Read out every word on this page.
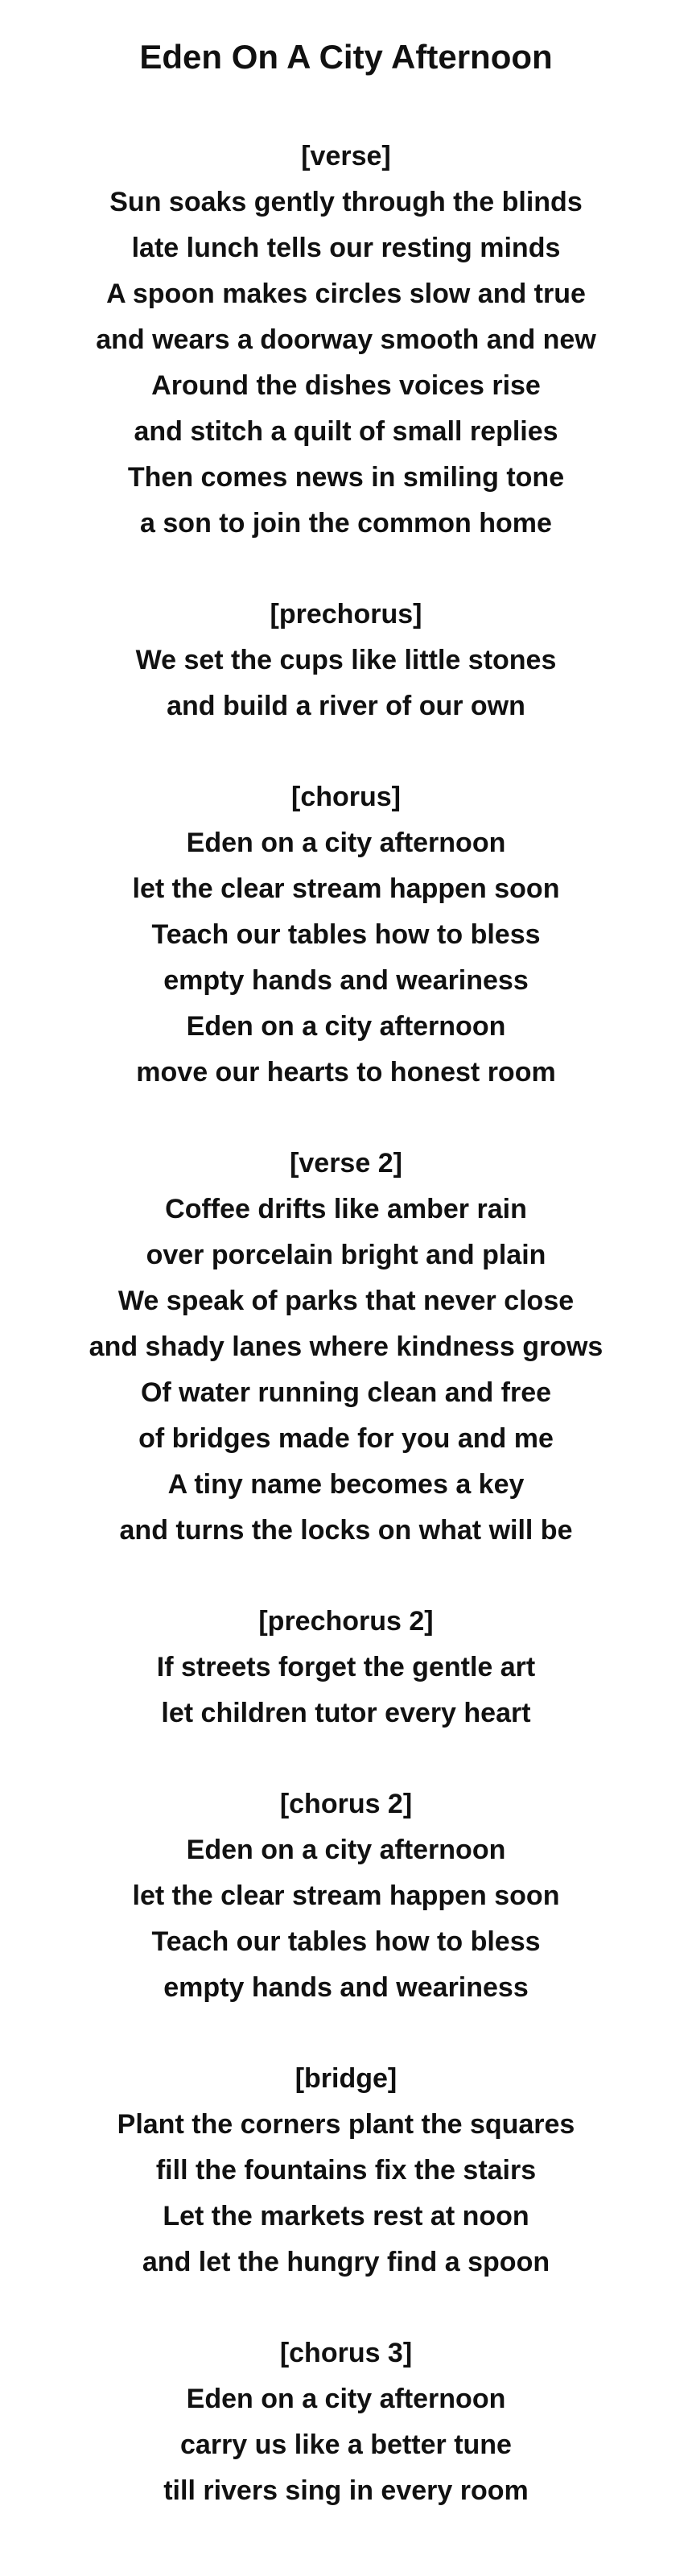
Eden On A City Afternoon

[verse]

Sun soaks gently through the blinds

late lunch tells our resting minds

A spoon makes circles slow and true

and wears a doorway smooth and new

Around the dishes voices rise

and stitch a quilt of small replies

Then comes news in smiling tone

a son to join the common home

[prechorus]

We set the cups like little stones

and build a river of our own

[chorus]

Eden on a city afternoon

let the clear stream happen soon

Teach our tables how to bless

empty hands and weariness

Eden on a city afternoon

move our hearts to honest room

[verse 2]

Coffee drifts like amber rain

over porcelain bright and plain

We speak of parks that never close

and shady lanes where kindness grows

Of water running clean and free

of bridges made for you and me

A tiny name becomes a key

and turns the locks on what will be

[prechorus 2]

If streets forget the gentle art

let children tutor every heart

[chorus 2]

Eden on a city afternoon

let the clear stream happen soon

Teach our tables how to bless

empty hands and weariness

[bridge]

Plant the corners plant the squares

fill the fountains fix the stairs

Let the markets rest at noon

and let the hungry find a spoon

[chorus 3]

Eden on a city afternoon

carry us like a better tune

till rivers sing in every room
